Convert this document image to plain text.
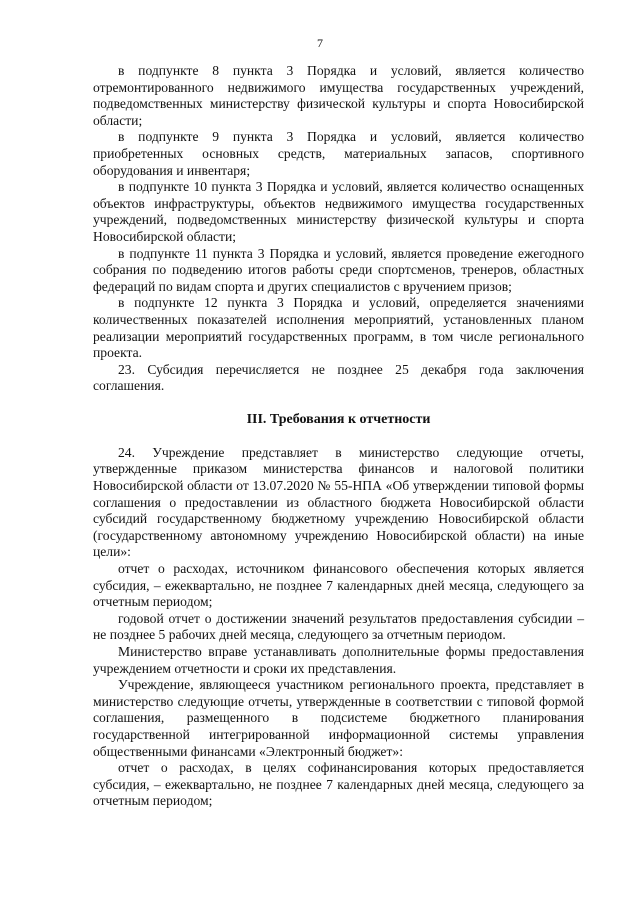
7

в подпункте 8 пункта 3 Порядка и условий, является количество отремонтированного недвижимого имущества государственных учреждений, подведомственных министерству физической культуры и спорта Новосибирской области;

в подпункте 9 пункта 3 Порядка и условий, является количество приобретенных основных средств, материальных запасов, спортивного оборудования и инвентаря;

в подпункте 10 пункта 3 Порядка и условий, является количество оснащенных объектов инфраструктуры, объектов недвижимого имущества государственных учреждений, подведомственных министерству физической культуры и спорта Новосибирской области;

в подпункте 11 пункта 3 Порядка и условий, является проведение ежегодного собрания по подведению итогов работы среди спортсменов, тренеров, областных федераций по видам спорта и других специалистов с вручением призов;

в подпункте 12 пункта 3 Порядка и условий, определяется значениями количественных показателей исполнения мероприятий, установленных планом реализации мероприятий государственных программ, в том числе регионального проекта.

23. Субсидия перечисляется не позднее 25 декабря года заключения соглашения.

III. Требования к отчетности

24. Учреждение представляет в министерство следующие отчеты, утвержденные приказом министерства финансов и налоговой политики Новосибирской области от 13.07.2020 № 55-НПА «Об утверждении типовой формы соглашения о предоставлении из областного бюджета Новосибирской области субсидий государственному бюджетному учреждению Новосибирской области (государственному автономному учреждению Новосибирской области) на иные цели»:

отчет о расходах, источником финансового обеспечения которых является субсидия, – ежеквартально, не позднее 7 календарных дней месяца, следующего за отчетным периодом;

годовой отчет о достижении значений результатов предоставления субсидии – не позднее 5 рабочих дней месяца, следующего за отчетным периодом.

Министерство вправе устанавливать дополнительные формы предоставления учреждением отчетности и сроки их представления.

Учреждение, являющееся участником регионального проекта, представляет в министерство следующие отчеты, утвержденные в соответствии с типовой формой соглашения, размещенного в подсистеме бюджетного планирования государственной интегрированной информационной системы управления общественными финансами «Электронный бюджет»:

отчет о расходах, в целях софинансирования которых предоставляется субсидия, – ежеквартально, не позднее 7 календарных дней месяца, следующего за отчетным периодом;
